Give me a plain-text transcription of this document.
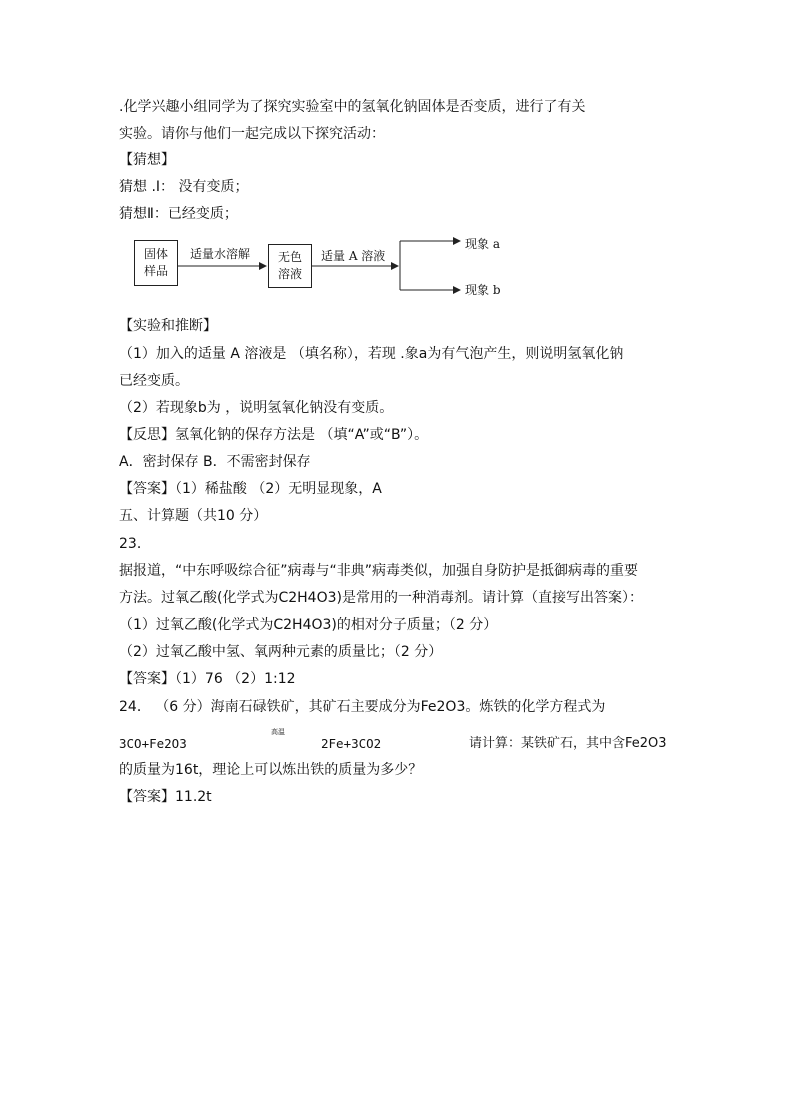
.化学兴趣小组同学为了探究实验室中的氢氧化钠固体是否变质，进行了有关
实验。请你与他们一起完成以下探究活动：
【猜想】
猜想 .Ⅰ： 没有变质；
猜想Ⅱ：已经变质；
固体
样品
适量水溶解	无色
溶液
适量 A 溶液
现象 a
现象 b
【实验和推断】
（1）加入的适量 A 溶液是 （填名称），若现 .象a为有气泡产生，则说明氢氧化钠
已经变质。
（2）若现象b为 ，说明氢氧化钠没有变质。
【反思】氢氧化钠的保存方法是 （填“A”或“B”）。
A．密封保存 B．不需密封保存
【答案】（1）稀盐酸 （2）无明显现象，A
五、计算题（共10 分）
23．
据报道，“中东呼吸综合征”病毒与“非典”病毒类似，加强自身防护是抵御病毒的重要
方法。过氧乙酸(化学式为C2H4O3)是常用的一种消毒剂。请计算（直接写出答案）：
（1）过氧乙酸(化学式为C2H4O3)的相对分子质量；（2 分）
（2）过氧乙酸中氢、氧两种元素的质量比；（2 分）
【答案】（1）76 （2）1:12
24． （6 分）海南石碌铁矿，其矿石主要成分为Fe2O3。炼铁的化学方程式为
3CO+Fe2O3
高温
2Fe+3CO2	请计算：某铁矿石，其中含Fe2O3
的质量为16t，理论上可以炼出铁的质量为多少？
【答案】11.2t
